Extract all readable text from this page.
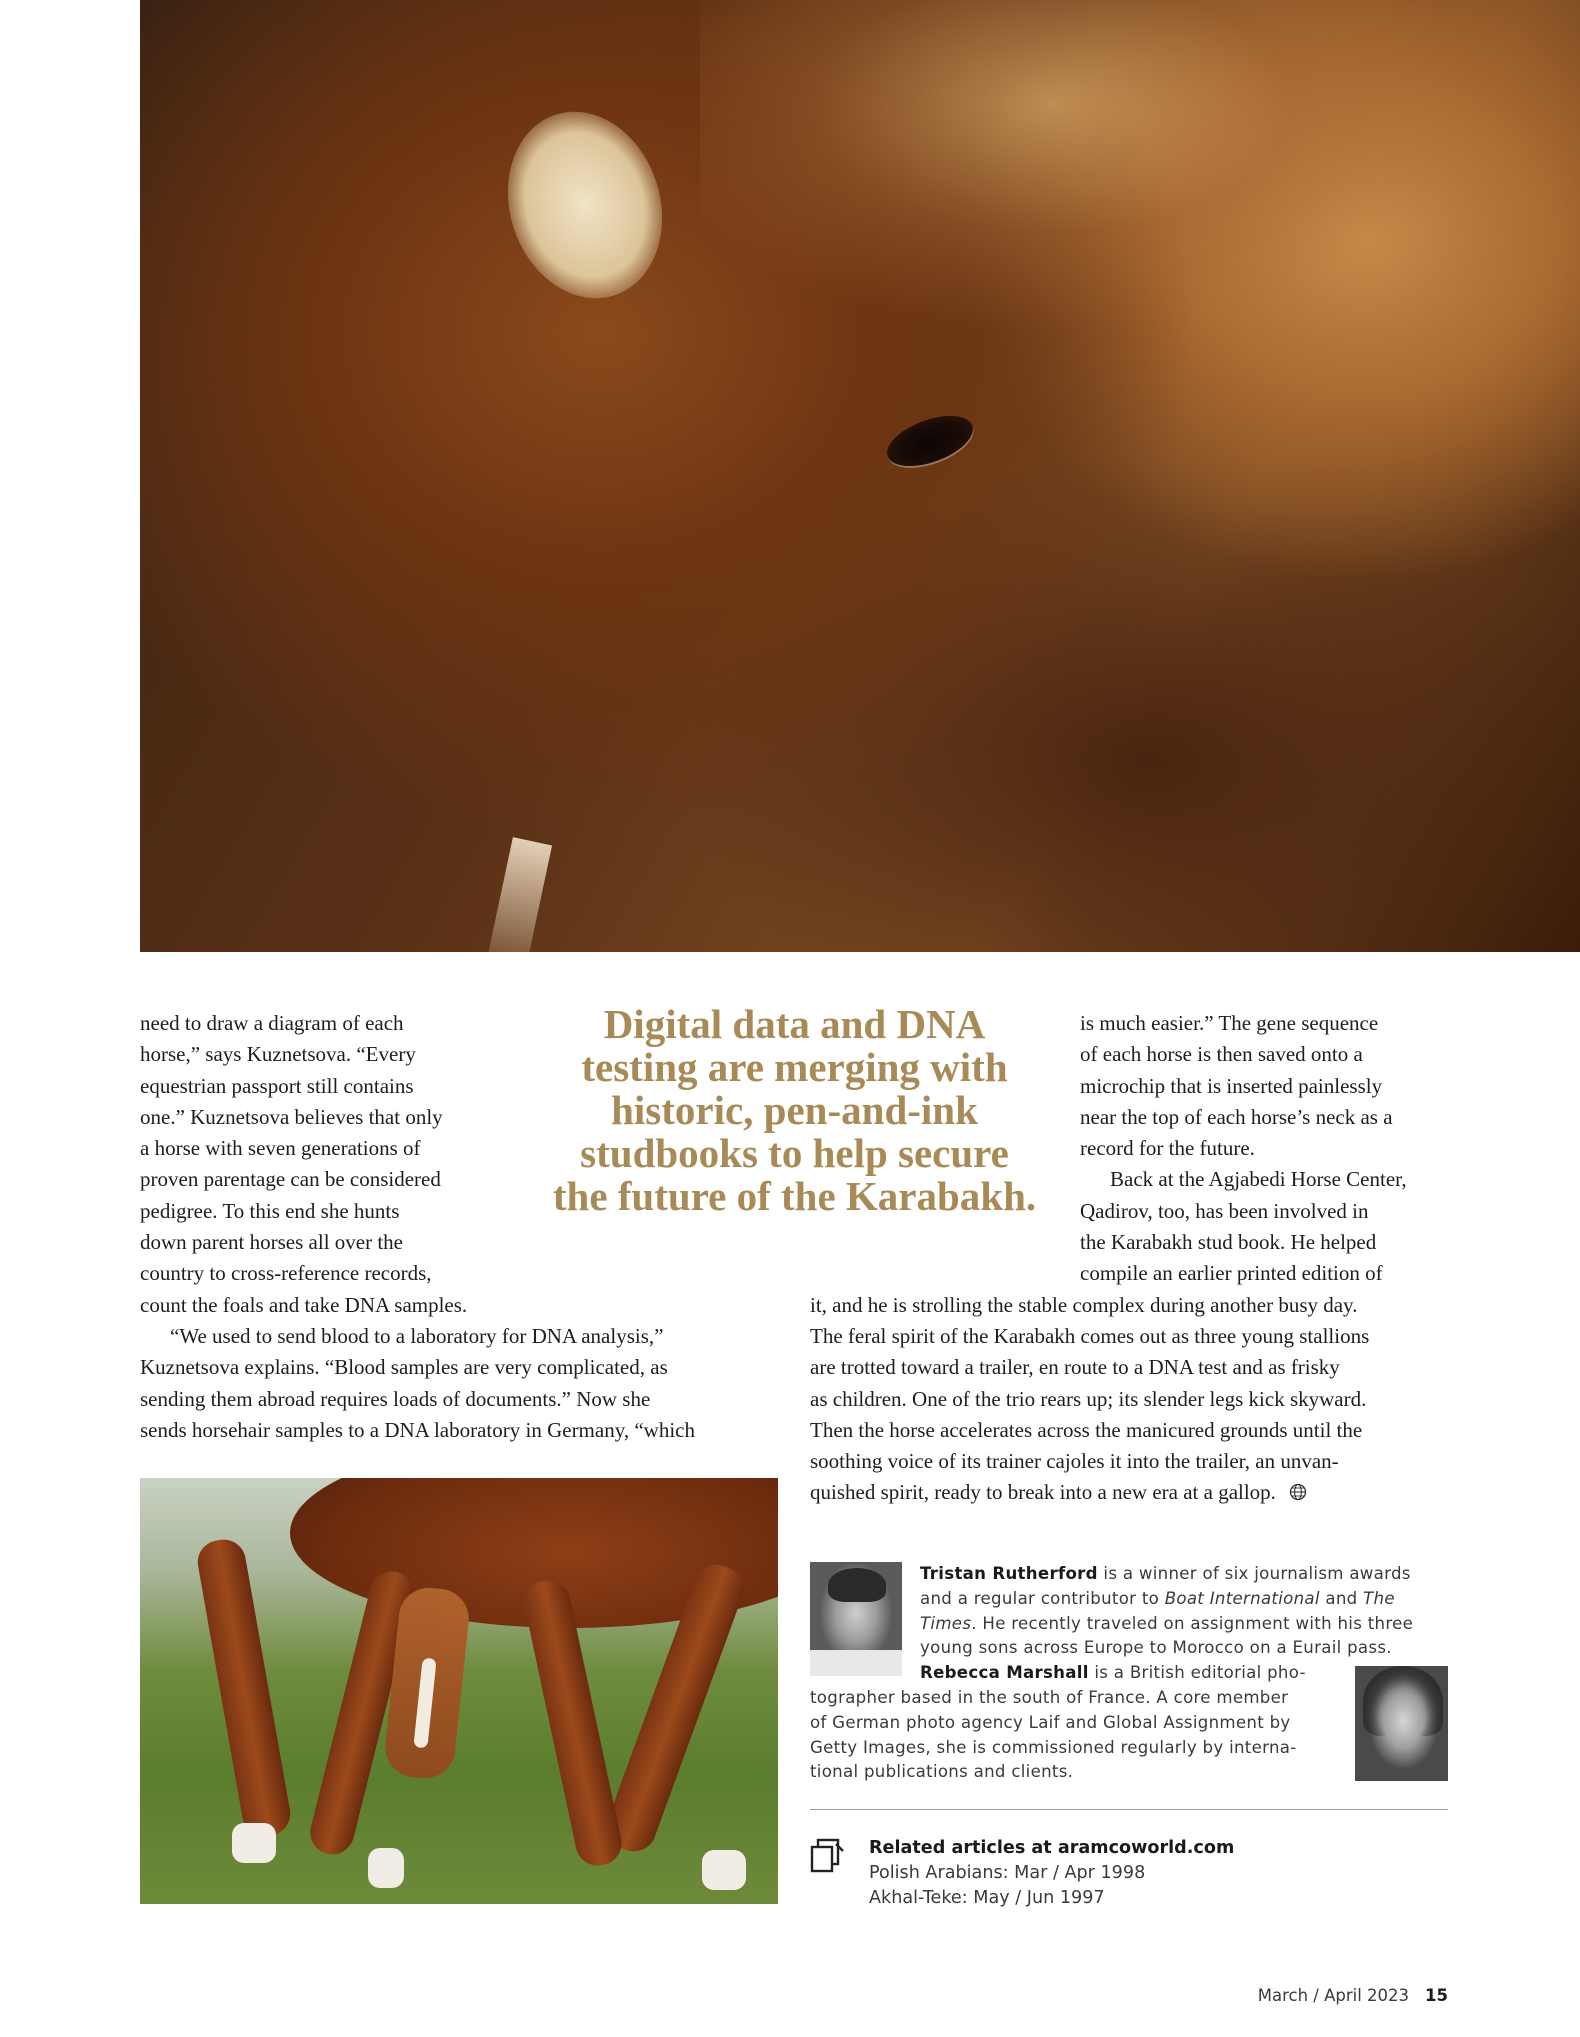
need to draw a diagram of each
horse,” says Kuznetsova. “Every
equestrian passport still contains
one.” Kuznetsova believes that only
a horse with seven generations of
proven parentage can be considered
pedigree. To this end she hunts
down parent horses all over the
country to cross-reference records,
count the foals and take DNA samples.
“We used to send blood to a laboratory for DNA analysis,”
Kuznetsova explains. “Blood samples are very complicated, as
sending them abroad requires loads of documents.” Now she
sends horsehair samples to a DNA laboratory in Germany, “which
Digital data and DNA
testing are merging with
historic, pen-and-ink
studbooks to help secure
the future of the Karabakh.
is much easier.” The gene sequence
of each horse is then saved onto a
microchip that is inserted painlessly
near the top of each horse’s neck as a
record for the future.
Back at the Agjabedi Horse Center,
Qadirov, too, has been involved in
the Karabakh stud book. He helped
compile an earlier printed edition of
it, and he is strolling the stable complex during another busy day.
The feral spirit of the Karabakh comes out as three young stallions
are trotted toward a trailer, en route to a DNA test and as frisky
as children. One of the trio rears up; its slender legs kick skyward.
Then the horse accelerates across the manicured grounds until the
soothing voice of its trainer cajoles it into the trailer, an unvan-
quished spirit, ready to break into a new era at a gallop.
Tristan Rutherford is a winner of six journalism awards
and a regular contributor to Boat International and The
Times. He recently traveled on assignment with his three
young sons across Europe to Morocco on a Eurail pass.
Rebecca Marshall is a British editorial pho-
tographer based in the south of France. A core member
of German photo agency Laif and Global Assignment by
Getty Images, she is commissioned regularly by interna-
tional publications and clients.
Related articles at aramcoworld.com
Polish Arabians: Mar / Apr 1998
Akhal-Teke: May / Jun 1997
March / April 2023 15
